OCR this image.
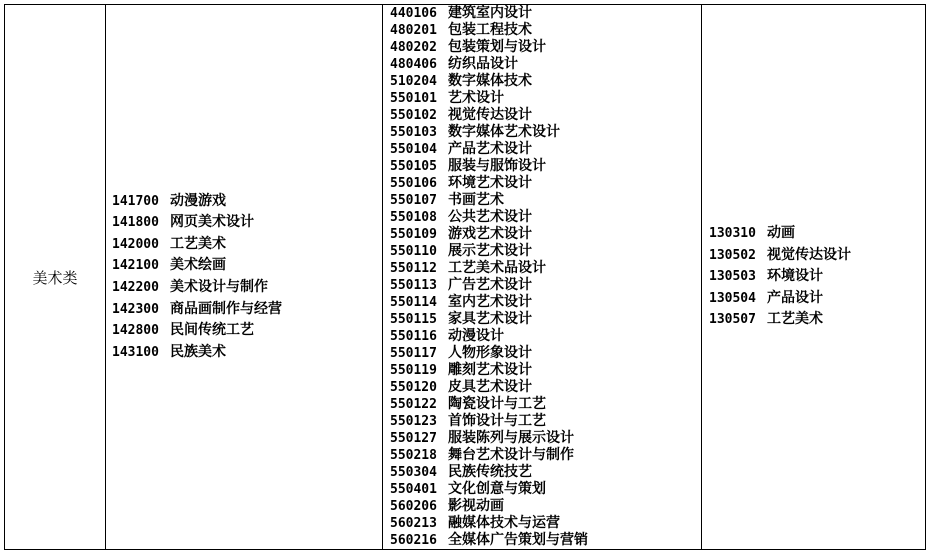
美术类	
141700 动漫游戏
141800 网页美术设计
142000 工艺美术
142100 美术绘画
142200 美术设计与制作
142300 商品画制作与经营
142800 民间传统工艺
143100 民族美术

440106 建筑室内设计
480201 包装工程技术
480202 包装策划与设计
480406 纺织品设计
510204 数字媒体技术
550101 艺术设计
550102 视觉传达设计
550103 数字媒体艺术设计
550104 产品艺术设计
550105 服装与服饰设计
550106 环境艺术设计
550107 书画艺术
550108 公共艺术设计
550109 游戏艺术设计
550110 展示艺术设计
550112 工艺美术品设计
550113 广告艺术设计
550114 室内艺术设计
550115 家具艺术设计
550116 动漫设计
550117 人物形象设计
550119 雕刻艺术设计
550120 皮具艺术设计
550122 陶瓷设计与工艺
550123 首饰设计与工艺
550127 服装陈列与展示设计
550218 舞台艺术设计与制作
550304 民族传统技艺
550401 文化创意与策划
560206 影视动画
560213 融媒体技术与运营
560216 全媒体广告策划与营销

130310 动画
130502 视觉传达设计
130503 环境设计
130504 产品设计
130507 工艺美术
